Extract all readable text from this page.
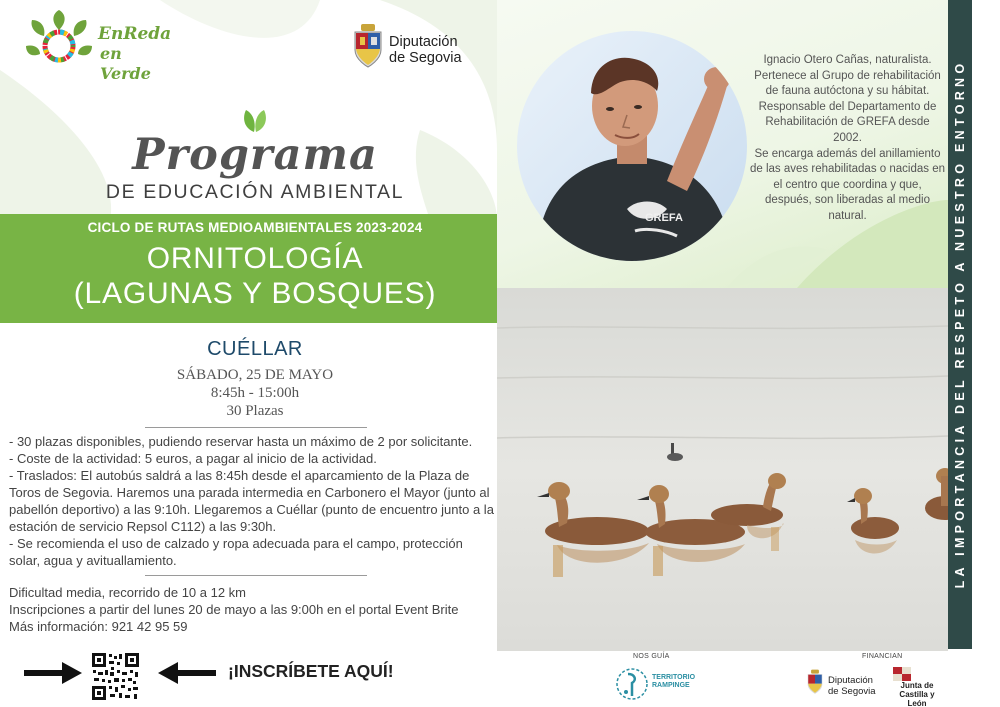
EnReda
en Verde
Diputación
de Segovia
Programa
DE EDUCACIÓN AMBIENTAL
CICLO DE RUTAS MEDIOAMBIENTALES 2023-2024
ORNITOLOGÍA
(LAGUNAS Y BOSQUES)
CUÉLLAR
SÁBADO, 25 DE MAYO
8:45h - 15:00h
30 Plazas

- 30 plazas disponibles, pudiendo reservar hasta un máximo de 2 por solicitante.

- Coste de la actividad: 5 euros, a pagar al inicio de la actividad.

- Traslados: El autobús saldrá a las 8:45h desde el aparcamiento de la Plaza de Toros de Segovia. Haremos una parada intermedia en Carbonero el Mayor (junto al pabellón deportivo) a las 9:10h. Llegaremos a Cuéllar (punto de encuentro junto a la estación de servicio Repsol C112) a las 9:30h.

- Se recomienda el uso de calzado y ropa adecuada para el campo, protección solar, agua y avituallamiento.

Dificultad media, recorrido de 10 a 12 km
Inscripciones a partir del lunes 20 de mayo a las 9:00h en el portal Event Brite
Más información: 921 42 95 59
¡INSCRÍBETE AQUÍ!
GREFA

Ignacio Otero Cañas, naturalista.

Pertenece al Grupo de rehabilitación de fauna autóctona y su hábitat. Responsable del Departamento de Rehabilitación de GREFA desde 2002.

Se encarga además del anillamiento de las aves rehabilitadas o nacidas en el centro que coordina y que, después, son liberadas al medio natural.

NOS GUÍA
TERRITORIO
RAMPINGE
FINANCIAN
Diputación
de Segovia
Junta de
Castilla y León
LA IMPORTANCIA DEL RESPETO A NUESTRO ENTORNO
